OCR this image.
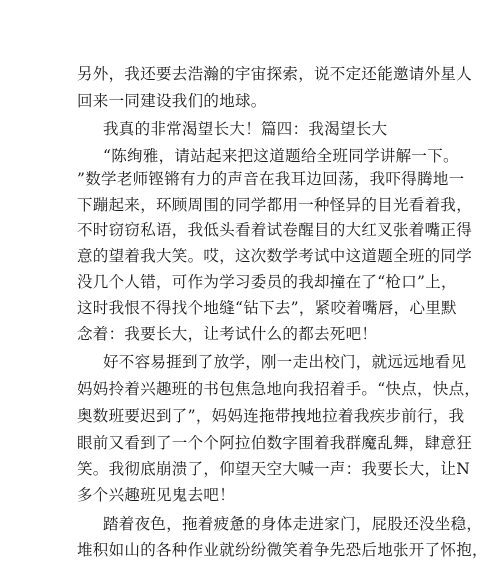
另外，我还要去浩瀚的宇宙探索，说不定还能邀请外星人
回来一同建设我们的地球。
我真的非常渴望长大！篇四：我渴望长大
“陈绚雅，请站起来把这道题给全班同学讲解一下。
”数学老师铿锵有力的声音在我耳边回荡，我吓得腾地一
下蹦起来，环顾周围的同学都用一种怪异的目光看着我，
不时窃窃私语，我低头看着试卷醒目的大红叉张着嘴正得
意的望着我大笑。哎，这次数学考试中这道题全班的同学
没几个人错，可作为学习委员的我却撞在了“枪口”上，
这时我恨不得找个地缝“钻下去”，紧咬着嘴唇，心里默
念着：我要长大，让考试什么的都去死吧！
好不容易捱到了放学，刚一走出校门，就远远地看见
妈妈拎着兴趣班的书包焦急地向我招着手。“快点，快点，
奥数班要迟到了”，妈妈连拖带拽地拉着我疾步前行，我
眼前又看到了一个个阿拉伯数字围着我群魔乱舞，肆意狂
笑。我彻底崩溃了，仰望天空大喊一声：我要长大，让N
多个兴趣班见鬼去吧！
踏着夜色，拖着疲惫的身体走进家门，屁股还没坐稳，
堆积如山的各种作业就纷纷微笑着争先恐后地张开了怀抱，
